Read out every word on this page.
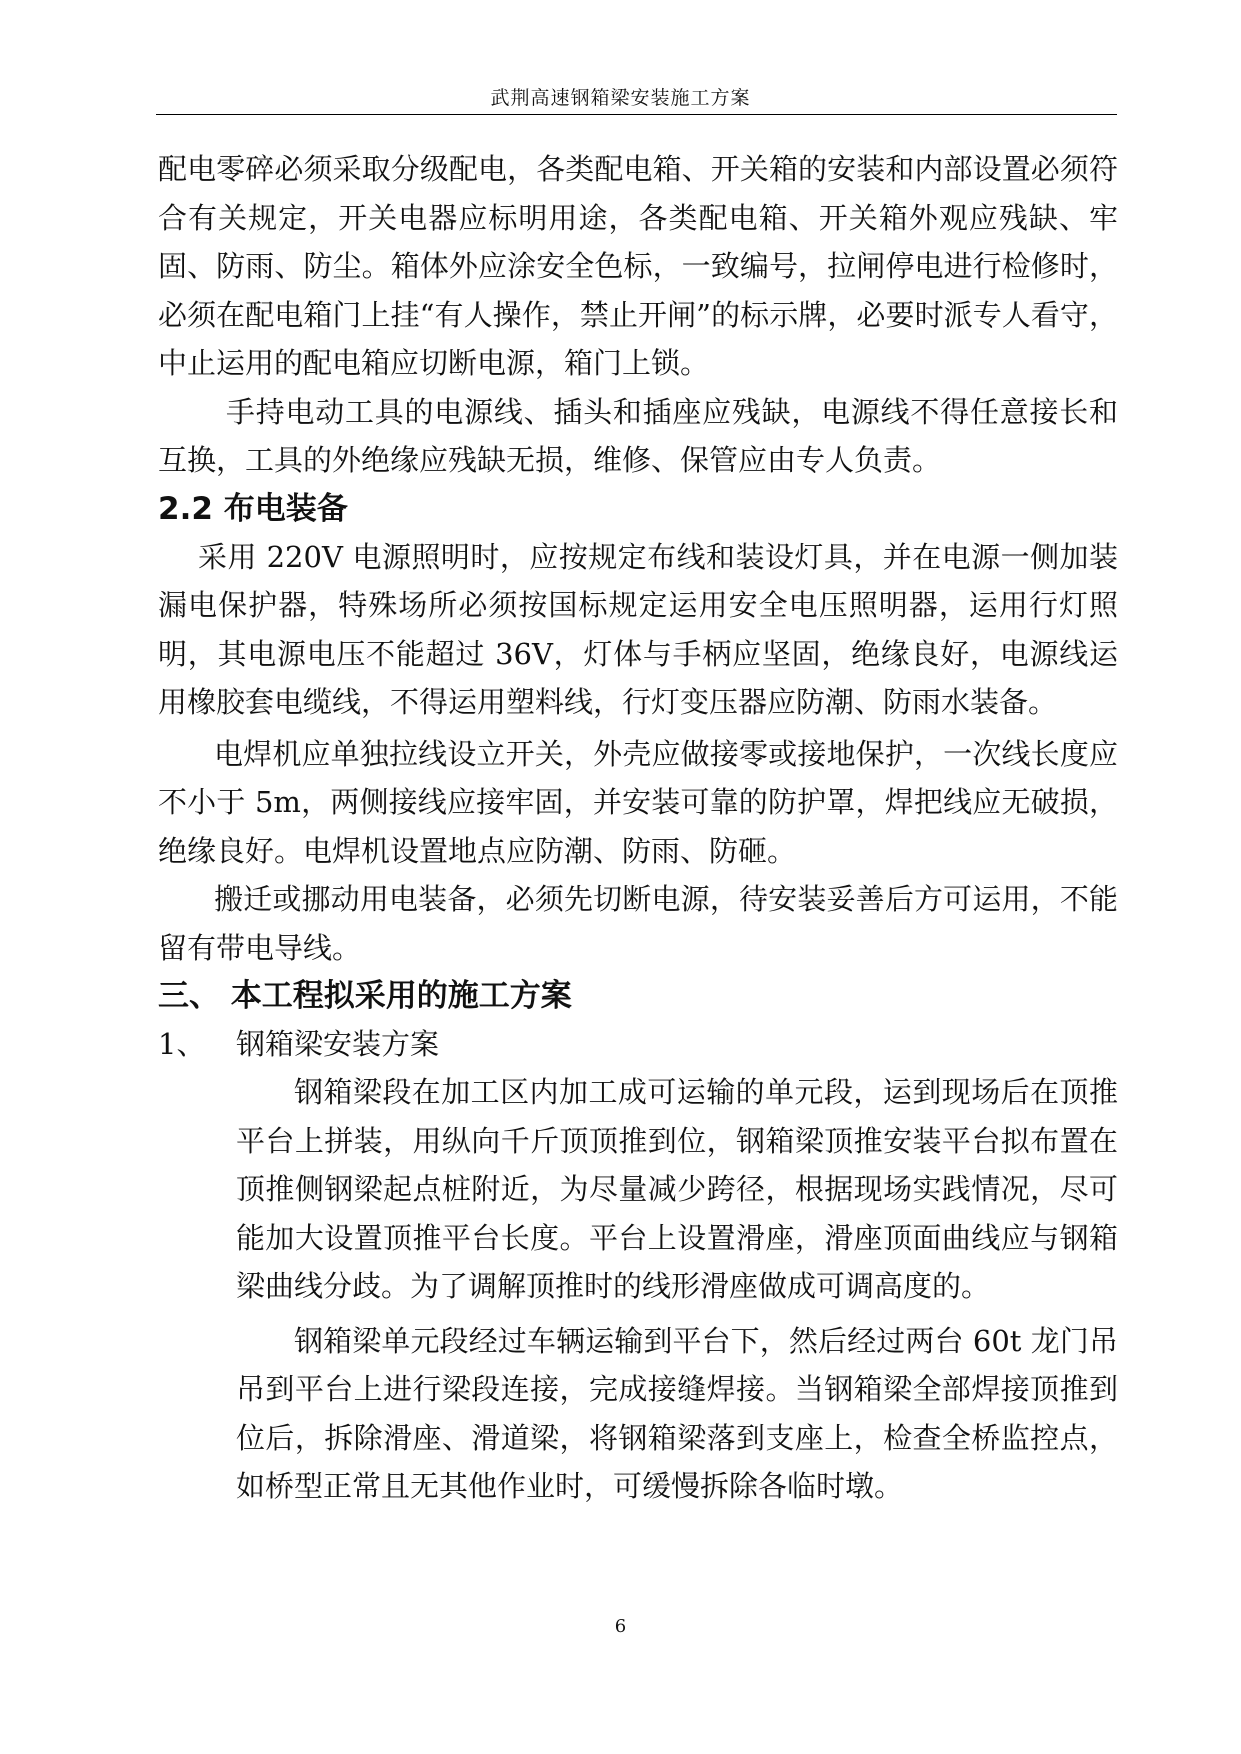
武荆高速钢箱梁安装施工方案

配电零碎必须采取分级配电，各类配电箱、开关箱的安装和内部设置必须符合有关规定，开关电器应标明用途，各类配电箱、开关箱外观应残缺、牢固、防雨、防尘。箱体外应涂安全色标，一致编号，拉闸停电进行检修时，必须在配电箱门上挂“有人操作，禁止开闸”的标示牌，必要时派专人看守，中止运用的配电箱应切断电源，箱门上锁。

手持电动工具的电源线、插头和插座应残缺，电源线不得任意接长和互换，工具的外绝缘应残缺无损，维修、保管应由专人负责。

2.2 布电装备

采用 220V 电源照明时，应按规定布线和装设灯具，并在电源一侧加装漏电保护器，特殊场所必须按国标规定运用安全电压照明器，运用行灯照明，其电源电压不能超过 36V，灯体与手柄应坚固，绝缘良好，电源线运用橡胶套电缆线，不得运用塑料线，行灯变压器应防潮、防雨水装备。

电焊机应单独拉线设立开关，外壳应做接零或接地保护，一次线长度应不小于 5m，两侧接线应接牢固，并安装可靠的防护罩，焊把线应无破损，绝缘良好。电焊机设置地点应防潮、防雨、防砸。

搬迁或挪动用电装备，必须先切断电源，待安装妥善后方可运用，不能留有带电导线。

三、 本工程拟采用的施工方案

1、 钢箱梁安装方案

钢箱梁段在加工区内加工成可运输的单元段，运到现场后在顶推平台上拼装，用纵向千斤顶顶推到位，钢箱梁顶推安装平台拟布置在顶推侧钢梁起点桩附近，为尽量减少跨径，根据现场实践情况，尽可能加大设置顶推平台长度。平台上设置滑座，滑座顶面曲线应与钢箱梁曲线分歧。为了调解顶推时的线形滑座做成可调高度的。

钢箱梁单元段经过车辆运输到平台下，然后经过两台 60t 龙门吊吊到平台上进行梁段连接，完成接缝焊接。当钢箱梁全部焊接顶推到位后，拆除滑座、滑道梁，将钢箱梁落到支座上，检查全桥监控点，如桥型正常且无其他作业时，可缓慢拆除各临时墩。

6
